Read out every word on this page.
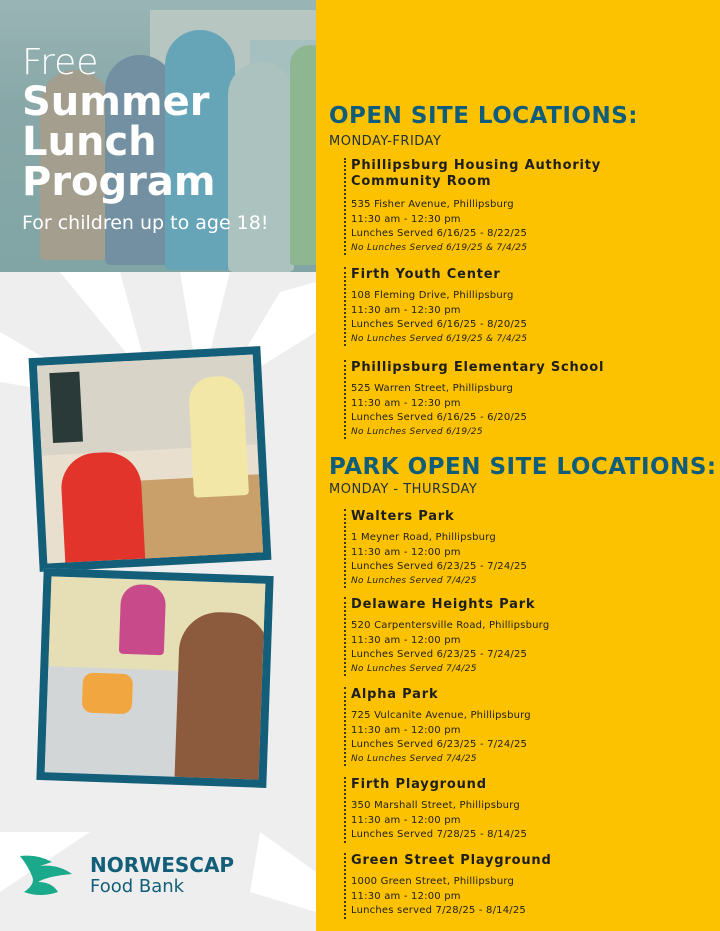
Free
Summer
Lunch
Program
For children up to age 18!
OPEN SITE LOCATIONS:
MONDAY-FRIDAY
Phillipsburg Housing Authority
Community Room
535 Fisher Avenue, Phillipsburg
11:30 am - 12:30 pm
Lunches Served 6/16/25 - 8/22/25
No Lunches Served 6/19/25 & 7/4/25
Firth Youth Center
108 Fleming Drive, Phillipsburg
11:30 am - 12:30 pm
Lunches Served 6/16/25 - 8/20/25
No Lunches Served 6/19/25 & 7/4/25
Phillipsburg Elementary School
525 Warren Street, Phillipsburg
11:30 am - 12:30 pm
Lunches Served 6/16/25 - 6/20/25
No Lunches Served 6/19/25
PARK OPEN SITE LOCATIONS:
MONDAY - THURSDAY
Walters Park
1 Meyner Road, Phillipsburg
11:30 am - 12:00 pm
Lunches Served 6/23/25 - 7/24/25
No Lunches Served 7/4/25
Delaware Heights Park
520 Carpentersville Road, Phillipsburg
11:30 am - 12:00 pm
Lunches Served 6/23/25 - 7/24/25
No Lunches Served 7/4/25
Alpha Park
725 Vulcanite Avenue, Phillipsburg
11:30 am - 12:00 pm
Lunches Served 6/23/25 - 7/24/25
No Lunches Served 7/4/25
Firth Playground
350 Marshall Street, Phillipsburg
11:30 am - 12:00 pm
Lunches Served 7/28/25 - 8/14/25
Green Street Playground
1000 Green Street, Phillipsburg
11:30 am - 12:00 pm
Lunches served 7/28/25 - 8/14/25
NORWESCAP
Food Bank
